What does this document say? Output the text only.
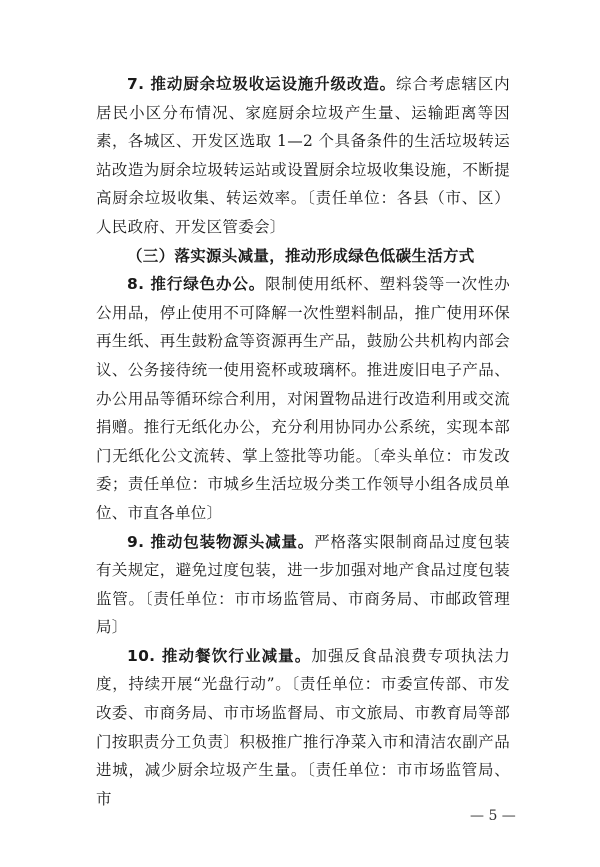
7. 推动厨余垃圾收运设施升级改造。综合考虑辖区内居民小区分布情况、家庭厨余垃圾产生量、运输距离等因素，各城区、开发区选取 1—2 个具备条件的生活垃圾转运站改造为厨余垃圾转运站或设置厨余垃圾收集设施，不断提高厨余垃圾收集、转运效率。〔责任单位：各县（市、区）人民政府、开发区管委会〕

（三）落实源头减量，推动形成绿色低碳生活方式

8. 推行绿色办公。限制使用纸杯、塑料袋等一次性办公用品，停止使用不可降解一次性塑料制品，推广使用环保再生纸、再生鼓粉盒等资源再生产品，鼓励公共机构内部会议、公务接待统一使用瓷杯或玻璃杯。推进废旧电子产品、办公用品等循环综合利用，对闲置物品进行改造利用或交流捐赠。推行无纸化办公，充分利用协同办公系统，实现本部门无纸化公文流转、掌上签批等功能。〔牵头单位：市发改委；责任单位：市城乡生活垃圾分类工作领导小组各成员单位、市直各单位〕

9. 推动包装物源头减量。严格落实限制商品过度包装有关规定，避免过度包装，进一步加强对地产食品过度包装监管。〔责任单位：市市场监管局、市商务局、市邮政管理局〕

10. 推动餐饮行业减量。加强反食品浪费专项执法力度，持续开展“光盘行动”。〔责任单位：市委宣传部、市发改委、市商务局、市市场监督局、市文旅局、市教育局等部门按职责分工负责〕积极推广推行净菜入市和清洁农副产品进城，减少厨余垃圾产生量。〔责任单位：市市场监管局、市

— 5 —
